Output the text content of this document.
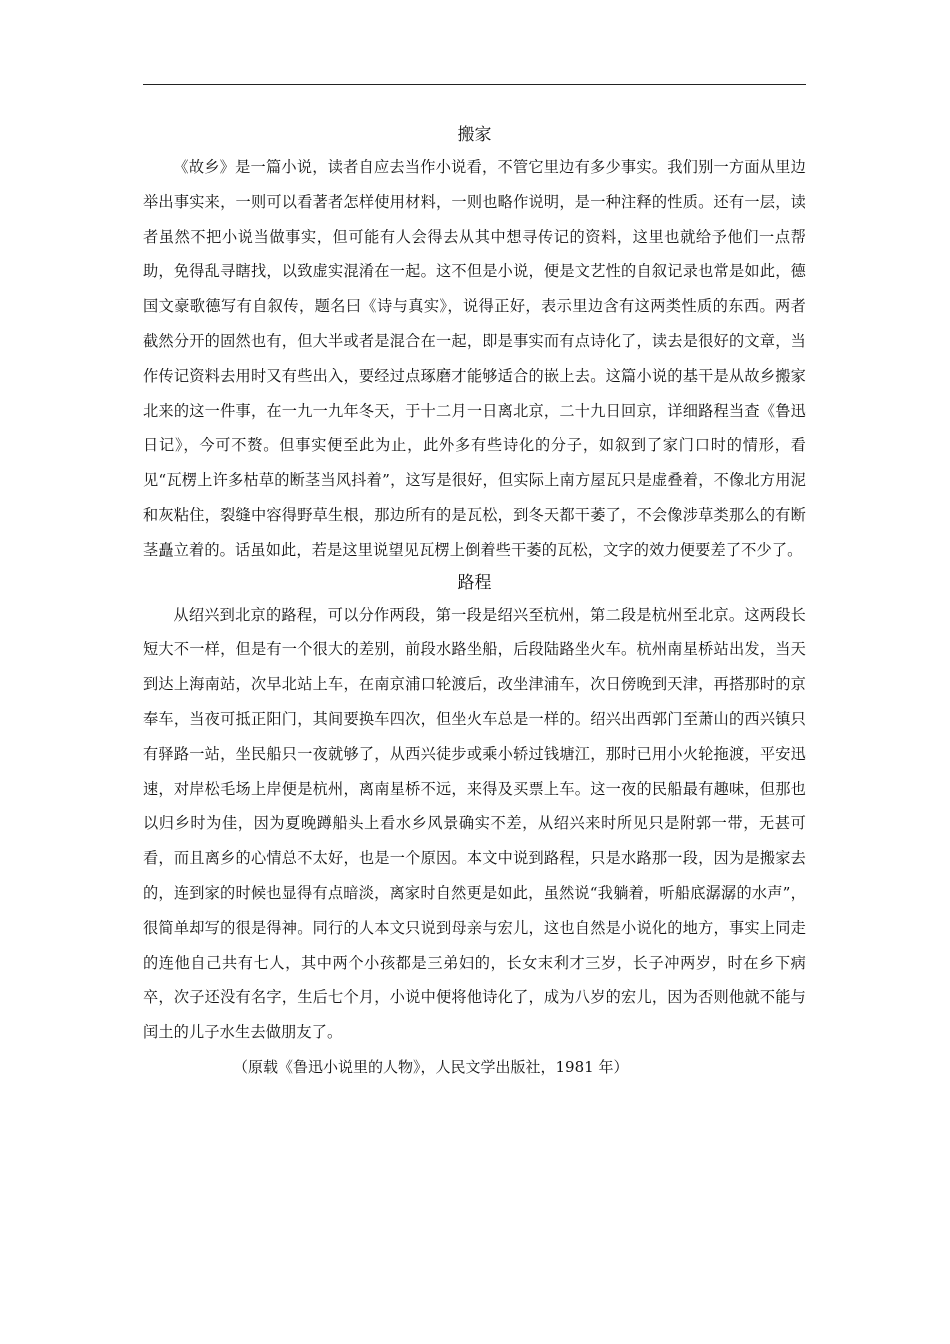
搬家

《故乡》是一篇小说，读者自应去当作小说看，不管它里边有多少事实。我们别一方面从里边举出事实来，一则可以看著者怎样使用材料，一则也略作说明，是一种注释的性质。还有一层，读者虽然不把小说当做事实，但可能有人会得去从其中想寻传记的资料，这里也就给予他们一点帮助，免得乱寻瞎找，以致虚实混淆在一起。这不但是小说，便是文艺性的自叙记录也常是如此，德国文豪歌德写有自叙传，题名曰《诗与真实》，说得正好，表示里边含有这两类性质的东西。两者截然分开的固然也有，但大半或者是混合在一起，即是事实而有点诗化了，读去是很好的文章，当作传记资料去用时又有些出入，要经过点琢磨才能够适合的嵌上去。这篇小说的基干是从故乡搬家北来的这一件事，在一九一九年冬天，于十二月一日离北京，二十九日回京，详细路程当查《鲁迅日记》，今可不赘。但事实便至此为止，此外多有些诗化的分子，如叙到了家门口时的情形，看见“瓦楞上许多枯草的断茎当风抖着”，这写是很好，但实际上南方屋瓦只是虚叠着，不像北方用泥和灰粘住，裂缝中容得野草生根，那边所有的是瓦松，到冬天都干萎了，不会像涉草类那么的有断茎矗立着的。话虽如此，若是这里说望见瓦楞上倒着些干萎的瓦松，文字的效力便要差了不少了。

路程

从绍兴到北京的路程，可以分作两段，第一段是绍兴至杭州，第二段是杭州至北京。这两段长短大不一样，但是有一个很大的差别，前段水路坐船，后段陆路坐火车。杭州南星桥站出发，当天到达上海南站，次早北站上车，在南京浦口轮渡后，改坐津浦车，次日傍晚到天津，再搭那时的京奉车，当夜可抵正阳门，其间要换车四次，但坐火车总是一样的。绍兴出西郭门至萧山的西兴镇只有驿路一站，坐民船只一夜就够了，从西兴徒步或乘小轿过钱塘江，那时已用小火轮拖渡，平安迅速，对岸松毛场上岸便是杭州，离南星桥不远，来得及买票上车。这一夜的民船最有趣味，但那也以归乡时为佳，因为夏晚蹲船头上看水乡风景确实不差，从绍兴来时所见只是附郭一带，无甚可看，而且离乡的心情总不太好，也是一个原因。本文中说到路程，只是水路那一段，因为是搬家去的，连到家的时候也显得有点暗淡，离家时自然更是如此，虽然说“我躺着，听船底潺潺的水声”，很简单却写的很是得神。同行的人本文只说到母亲与宏儿，这也自然是小说化的地方，事实上同走的连他自己共有七人，其中两个小孩都是三弟妇的，长女末利才三岁，长子冲两岁，时在乡下病卒，次子还没有名字，生后七个月，小说中便将他诗化了，成为八岁的宏儿，因为否则他就不能与闰土的儿子水生去做朋友了。

（原载《鲁迅小说里的人物》，人民文学出版社，1981 年）
